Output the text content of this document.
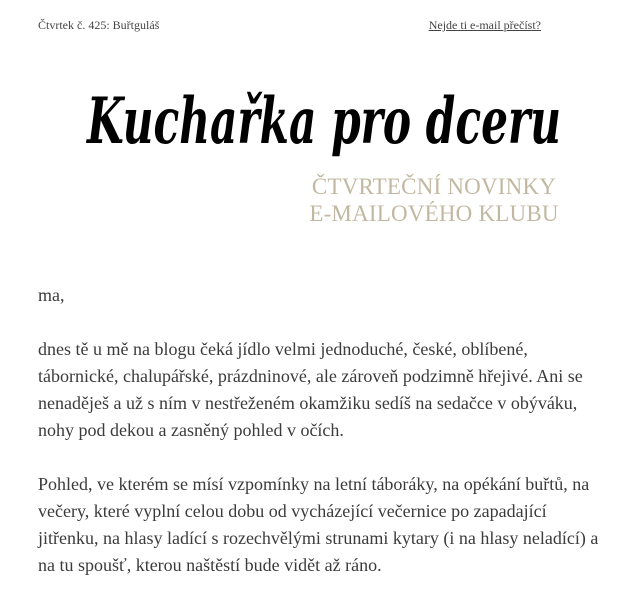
Čtvrtek č. 425: Buřtguláš	Nejde ti e-mail přečíst?
Kuchařka pro dceru
ČTVRTEČNÍ NOVINKY
E-MAILOVÉHO KLUBU

ma,

dnes tě u mě na blogu čeká jídlo velmi jednoduché, české, oblíbené, tábornické, chalupářské, prázdninové, ale zároveň podzimně hřejivé. Ani se nenaděješ a už s ním v nestřeženém okamžiku sedíš na sedačce v obýváku, nohy pod dekou a zasněný pohled v očích.

Pohled, ve kterém se mísí vzpomínky na letní táboráky, na opékání buřtů, na večery, které vyplní celou dobu od vycházející večernice po zapadající jitřenku, na hlasy ladící s rozechvělými strunami kytary (i na hlasy neladící) a na tu spoušť, kterou naštěstí bude vidět až ráno.
